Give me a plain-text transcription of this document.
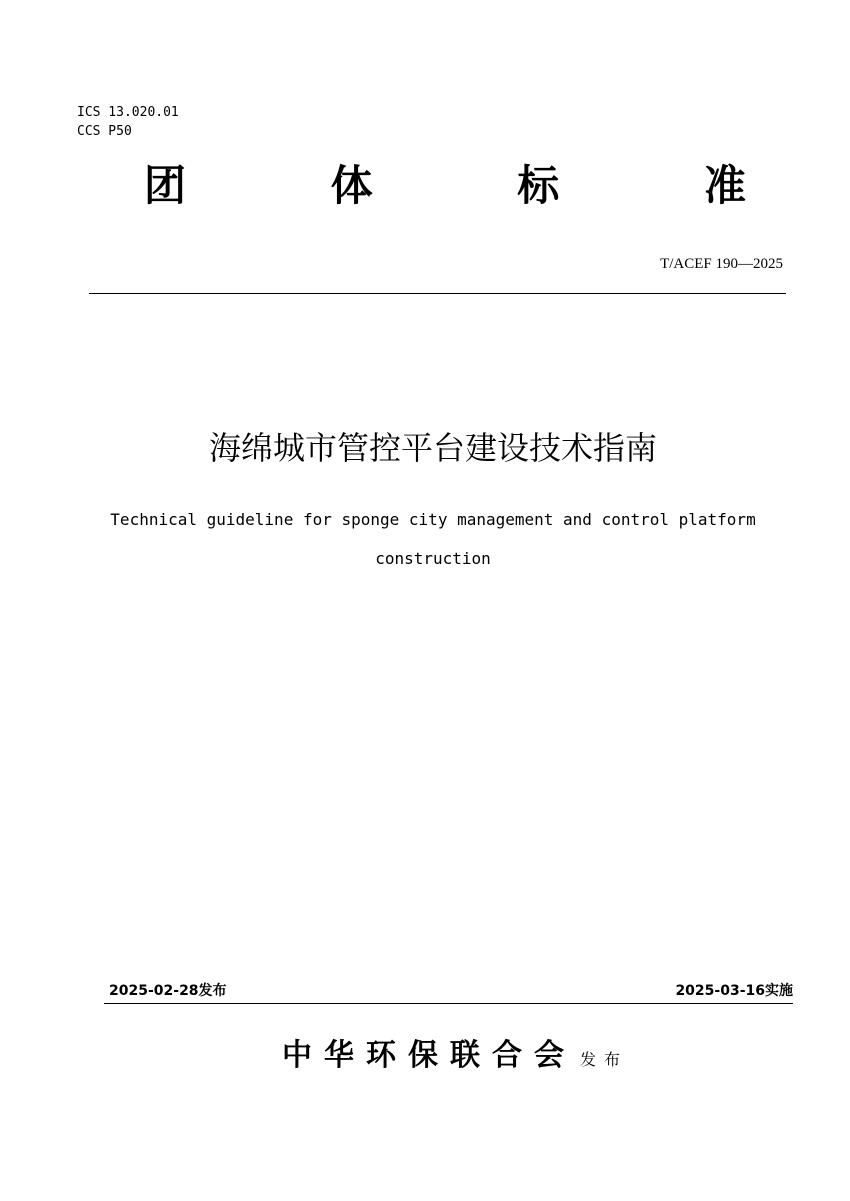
ICS 13.020.01
CCS P50
团	体	标	准
T/ACEF 190—2025
海绵城市管控平台建设技术指南
Technical guideline for sponge city management and control platform
construction
2025-02-28发布	2025-03-16实施
中华环保联合会 发布
